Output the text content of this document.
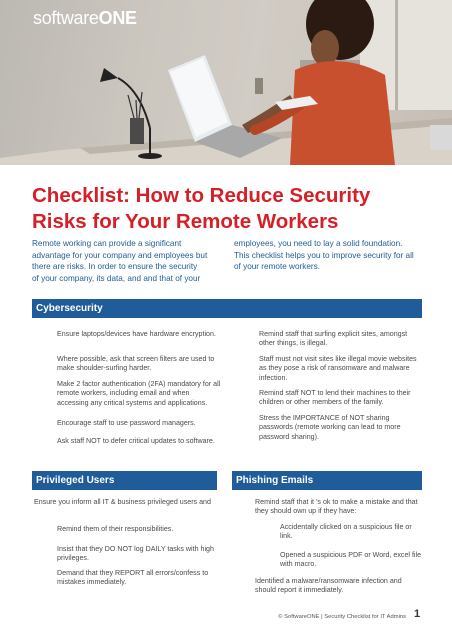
softwareONE
Checklist: How to Reduce Security
Risks for Your Remote Workers
Remote working can provide a significant
advantage for your company and employees but
there are risks. In order to ensure the security
of your company, its data, and and that of your
employees, you need to lay a solid foundation.
This checklist helps you to improve security for all
of your remote workers.
Cybersecurity
Ensure laptops/devices have hardware encryption.
Where possible, ask that screen filters are used to make shoulder-surfing harder.
Make 2 factor authentication (2FA) mandatory for all remote workers, including email and when accessing any critical systems and applications.
Encourage staff to use password managers.
Ask staff NOT to defer critical updates to software.
Remind staff that surfing explicit sites, amongst other things, is illegal.
Staff must not visit sites like illegal movie websites as they pose a risk of ransomware and malware infection.
Remind staff NOT to lend their machines to their children or other members of the family.
Stress the IMPORTANCE of NOT sharing passwords (remote working can lead to more password sharing).
Privileged Users
Ensure you inform all IT & business privileged users and
Remind them of their responsibilities.
Insist that they DO NOT log DAILY tasks with high privileges.
Demand that they REPORT all errors/confess to mistakes immediately.
Phishing Emails
Remind staff that it ’s ok to make a mistake and that they should own up if they have:
Accidentally clicked on a suspicious file or link.
Opened a suspicious PDF or Word, excel file with macro.
Identified a malware/ransomware infection and should report it immediately.
© SoftwareONE | Security Checklist for IT Admins 1
